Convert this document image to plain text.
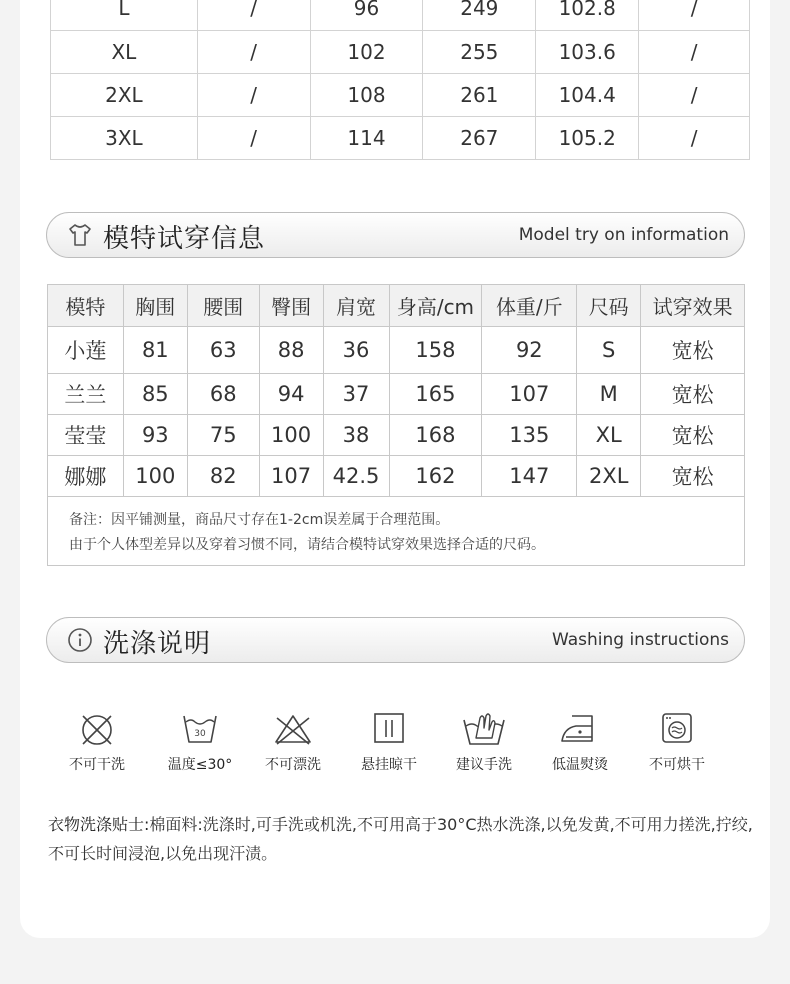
L	/	96	249	102.8	/
XL	/	102	255	103.6	/
2XL	/	108	261	104.4	/
3XL	/	114	267	105.2	/
模特试穿信息	Model try on information
模特	胸围	腰围	臀围	肩宽	身高/cm	体重/斤	尺码	试穿效果
小莲	81	63	88	36	158	92	S	宽松
兰兰	85	68	94	37	165	107	M	宽松
莹莹	93	75	100	38	168	135	XL	宽松
娜娜	100	82	107	42.5	162	147	2XL	宽松
备注：因平铺测量，商品尺寸存在1-2cm误差属于合理范围。
由于个人体型差异以及穿着习惯不同，请结合模特试穿效果选择合适的尺码。
洗涤说明	Washing instructions
不可干洗
30
温度≤30°	不可漂洗	悬挂晾干	建议手洗	低温熨烫	不可烘干
衣物洗涤贴士:棉面料:洗涤时,可手洗或机洗,不可用高于30°C热水洗涤,以免发黄,不可用力搓洗,拧绞,不可长时间浸泡,以免出现汗渍。
